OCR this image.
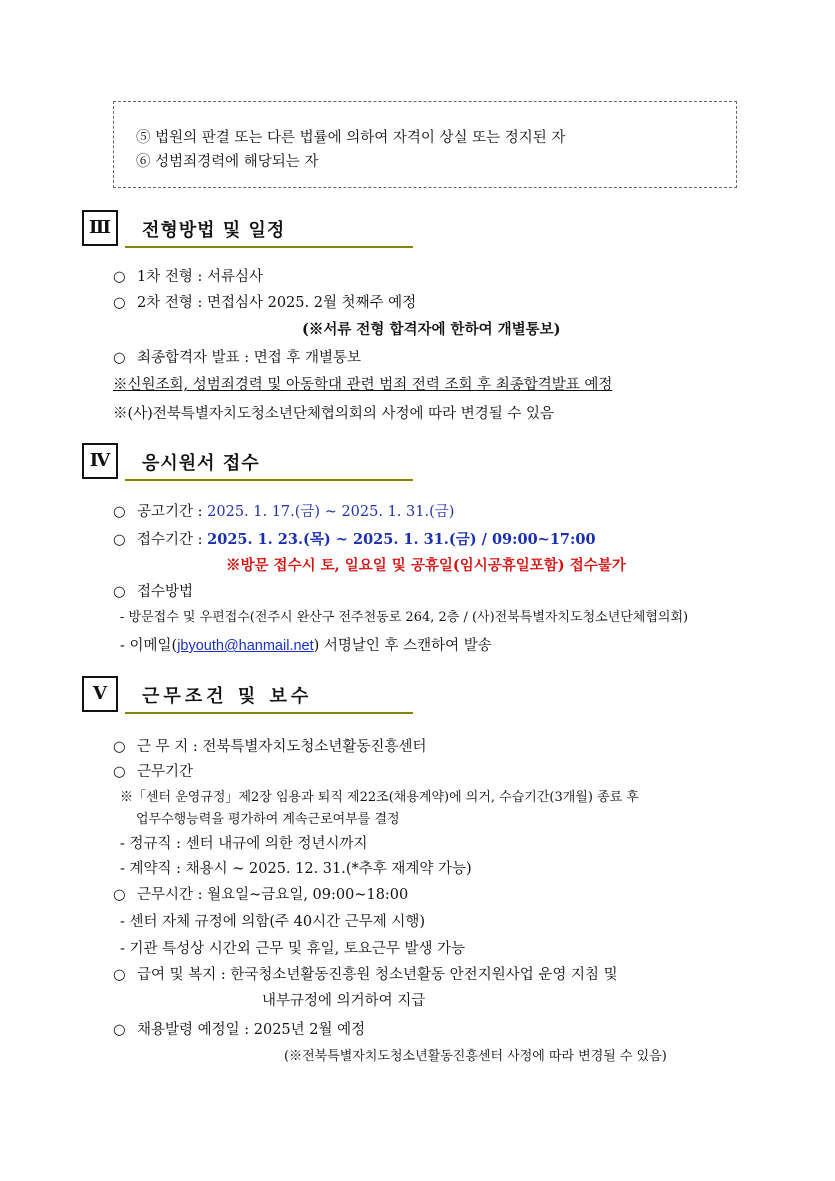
⑤ 법원의 판결 또는 다른 법률에 의하여 자격이 상실 또는 정지된 자
⑥ 성범죄경력에 해당되는 자
Ⅲ	전형방법 및 일정
○ 1차 전형 : 서류심사
○ 2차 전형 : 면접심사 2025. 2월 첫째주 예정
(※서류 전형 합격자에 한하여 개별통보)
○ 최종합격자 발표 : 면접 후 개별통보
※신원조회, 성범죄경력 및 아동학대 관련 범죄 전력 조회 후 최종합격발표 예정
※(사)전북특별자치도청소년단체협의회의 사정에 따라 변경될 수 있음
Ⅳ	응시원서 접수
○ 공고기간 : 2025. 1. 17.(금) ~ 2025. 1. 31.(금)
○ 접수기간 : 2025. 1. 23.(목) ~ 2025. 1. 31.(금) / 09:00~17:00
※방문 접수시 토, 일요일 및 공휴일(임시공휴일포함) 접수불가
○ 접수방법
- 방문접수 및 우편접수(전주시 완산구 전주천동로 264, 2층 / (사)전북특별자치도청소년단체협의회)
- 이메일(jbyouth@hanmail.net) 서명날인 후 스캔하여 발송
Ⅴ	근무조건 및 보수
○ 근 무 지 : 전북특별자치도청소년활동진흥센터
○ 근무기간
※「센터 운영규정」제2장 임용과 퇴직 제22조(채용계약)에 의거, 수습기간(3개월) 종료 후
업무수행능력을 평가하여 계속근로여부를 결정
- 정규직 : 센터 내규에 의한 정년시까지
- 계약직 : 채용시 ~ 2025. 12. 31.(*추후 재계약 가능)
○ 근무시간 : 월요일~금요일, 09:00~18:00
- 센터 자체 규정에 의함(주 40시간 근무제 시행)
- 기관 특성상 시간외 근무 및 휴일, 토요근무 발생 가능
○ 급여 및 복지 : 한국청소년활동진흥원 청소년활동 안전지원사업 운영 지침 및
내부규정에 의거하여 지급
○ 채용발령 예정일 : 2025년 2월 예정
(※전북특별자치도청소년활동진흥센터 사정에 따라 변경될 수 있음)
